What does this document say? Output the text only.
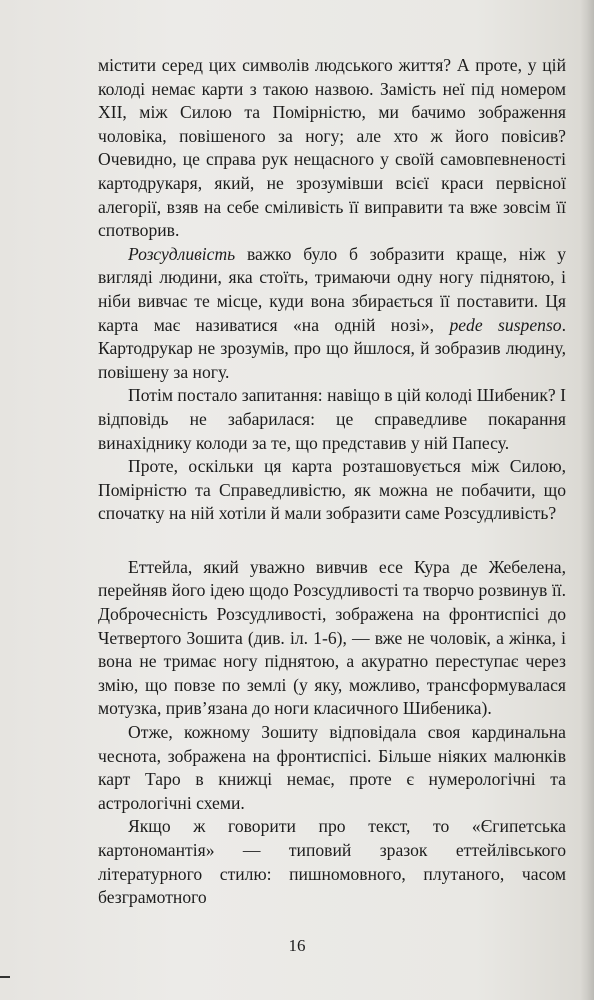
містити серед цих символів людського життя? А проте, у цій колоді немає карти з такою назвою. Замість неї під номером XII, між Силою та Помірністю, ми бачимо зображення чоловіка, повішеного за ногу; але хто ж його повісив? Очевидно, це справа рук нещасного у своїй самовпевненості картодрукаря, який, не зрозумівши всієї краси первісної алегорії, взяв на себе сміливість її виправити та вже зовсім її спотворив.

Розсудливість важко було б зобразити краще, ніж у вигляді людини, яка стоїть, тримаючи одну ногу піднятою, і ніби вивчає те місце, куди вона збирається її поставити. Ця карта має називатися «на одній нозі», pede suspenso. Картодрукар не зрозумів, про що йшлося, й зобразив людину, повішену за ногу.

Потім постало запитання: навіщо в цій колоді Шибеник? І відповідь не забарилася: це справедливе покарання винахіднику колоди за те, що представив у ній Папесу.

Проте, оскільки ця карта розташовується між Силою, Помірністю та Справедливістю, як можна не побачити, що спочатку на ній хотіли й мали зобразити саме Розсудливість?

Еттейла, який уважно вивчив есе Кура де Жебелена, перейняв його ідею щодо Розсудливості та творчо розвинув її. Доброчесність Розсудливості, зображена на фронтиспісі до Четвертого Зошита (див. іл. 1-6), — вже не чоловік, а жінка, і вона не тримає ногу піднятою, а акуратно переступає через змію, що повзе по землі (у яку, можливо, трансформувалася мотузка, прив’язана до ноги класичного Шибеника).

Отже, кожному Зошиту відповідала своя кардинальна чеснота, зображена на фронтиспісі. Більше ніяких малюнків карт Таро в книжці немає, проте є нумерологічні та астрологічні схеми.

Якщо ж говорити про текст, то «Єгипетська картономантія» — типовий зразок еттейлівського літературного стилю: пишномовного, плутаного, часом безграмотного

16
